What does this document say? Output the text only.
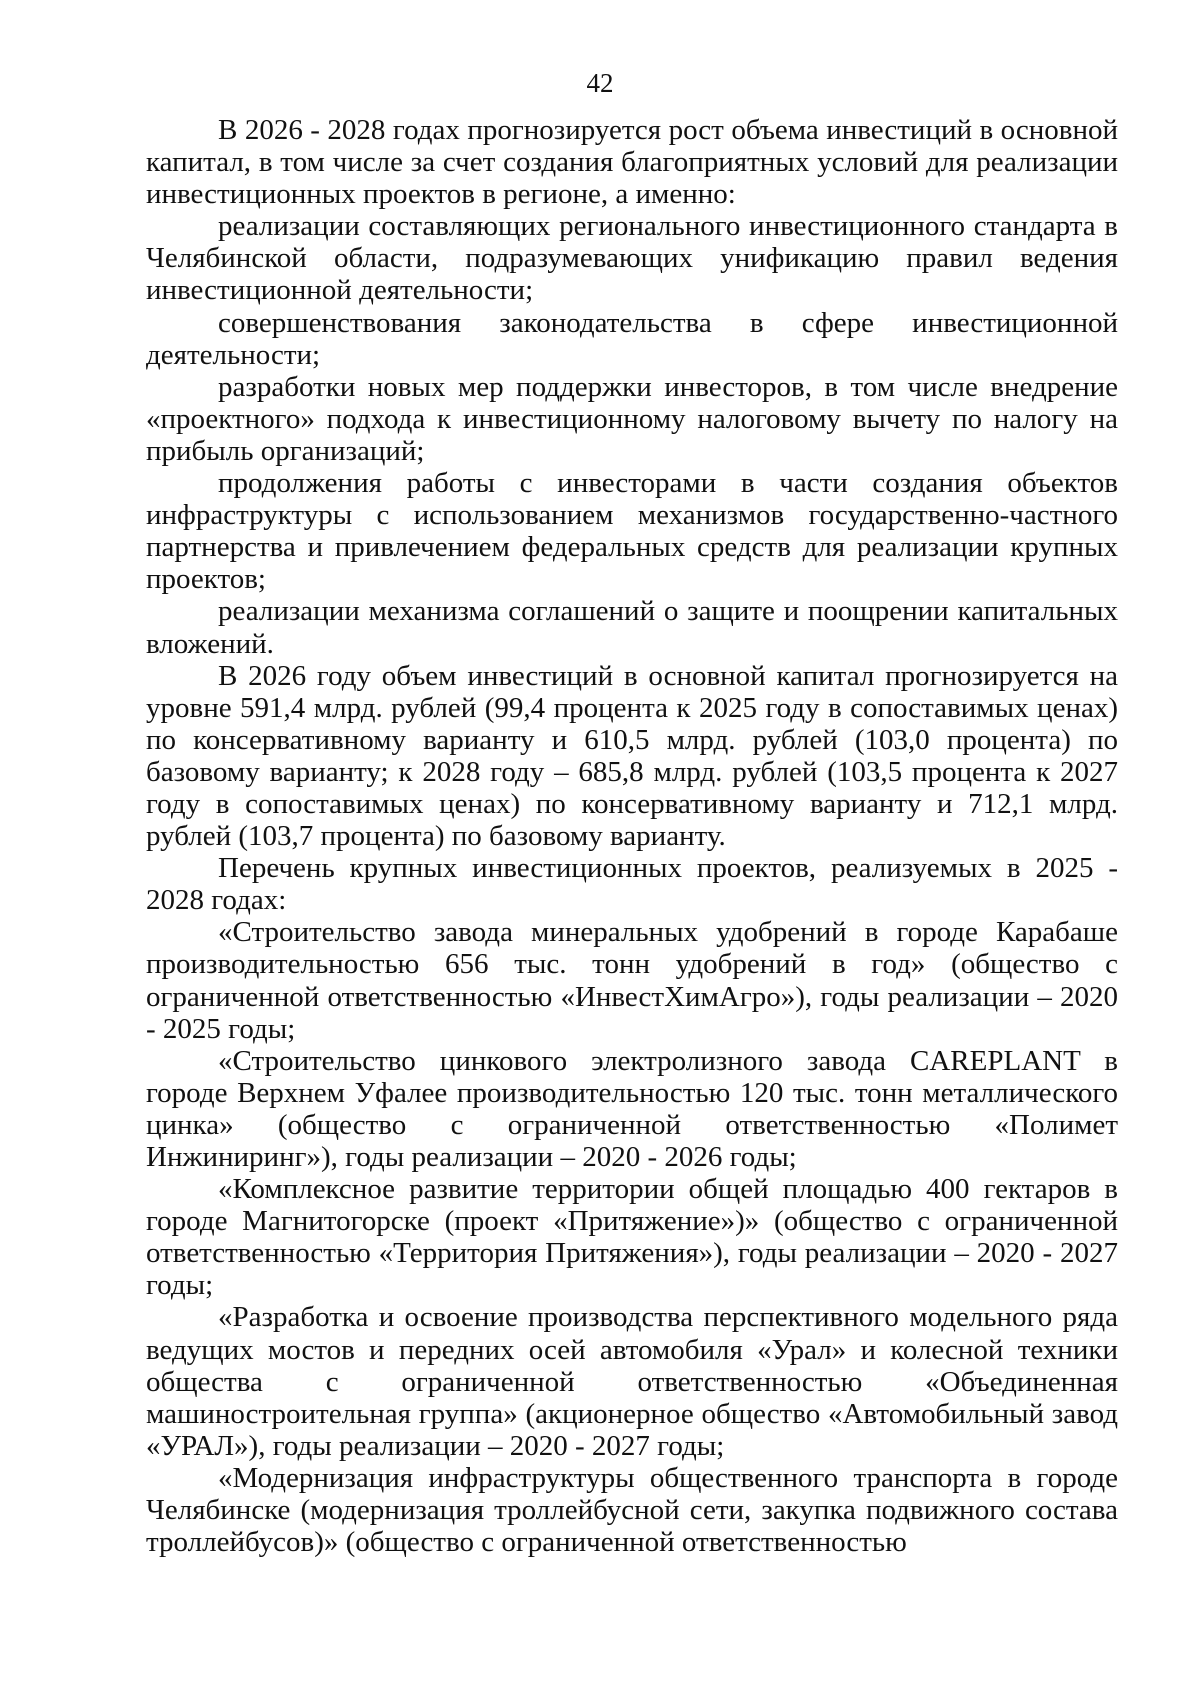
42

В 2026 - 2028 годах прогнозируется рост объема инвестиций в основной капитал, в том числе за счет создания благоприятных условий для реализации инвестиционных проектов в регионе, а именно:

реализации составляющих регионального инвестиционного стандарта в Челябинской области, подразумевающих унификацию правил ведения инвестиционной деятельности;

совершенствования законодательства в сфере инвестиционной деятельности;

разработки новых мер поддержки инвесторов, в том числе внедрение «проектного» подхода к инвестиционному налоговому вычету по налогу на прибыль организаций;

продолжения работы с инвесторами в части создания объектов инфраструктуры с использованием механизмов государственно-частного партнерства и привлечением федеральных средств для реализации крупных проектов;

реализации механизма соглашений о защите и поощрении капитальных вложений.

В 2026 году объем инвестиций в основной капитал прогнозируется на уровне 591,4 млрд. рублей (99,4 процента к 2025 году в сопоставимых ценах) по консервативному варианту и 610,5 млрд. рублей (103,0 процента) по базовому варианту; к 2028 году – 685,8 млрд. рублей (103,5 процента к 2027 году в сопоставимых ценах) по консервативному варианту и 712,1 млрд. рублей (103,7 процента) по базовому варианту.

Перечень крупных инвестиционных проектов, реализуемых в 2025 - 2028 годах:

«Строительство завода минеральных удобрений в городе Карабаше производительностью 656 тыс. тонн удобрений в год» (общество с ограниченной ответственностью «ИнвестХимАгро»), годы реализации – 2020 - 2025 годы;

«Строительство цинкового электролизного завода CAREPLANT в городе Верхнем Уфалее производительностью 120 тыс. тонн металлического цинка» (общество с ограниченной ответственностью «Полимет Инжиниринг»), годы реализации – 2020 - 2026 годы;

«Комплексное развитие территории общей площадью 400 гектаров в городе Магнитогорске (проект «Притяжение»)» (общество с ограниченной ответственностью «Территория Притяжения»), годы реализации – 2020 - 2027 годы;

«Разработка и освоение производства перспективного модельного ряда ведущих мостов и передних осей автомобиля «Урал» и колесной техники общества с ограниченной ответственностью «Объединенная машиностроительная группа» (акционерное общество «Автомобильный завод «УРАЛ»), годы реализации – 2020 - 2027 годы;

«Модернизация инфраструктуры общественного транспорта в городе Челябинске (модернизация троллейбусной сети, закупка подвижного состава троллейбусов)» (общество с ограниченной ответственностью
